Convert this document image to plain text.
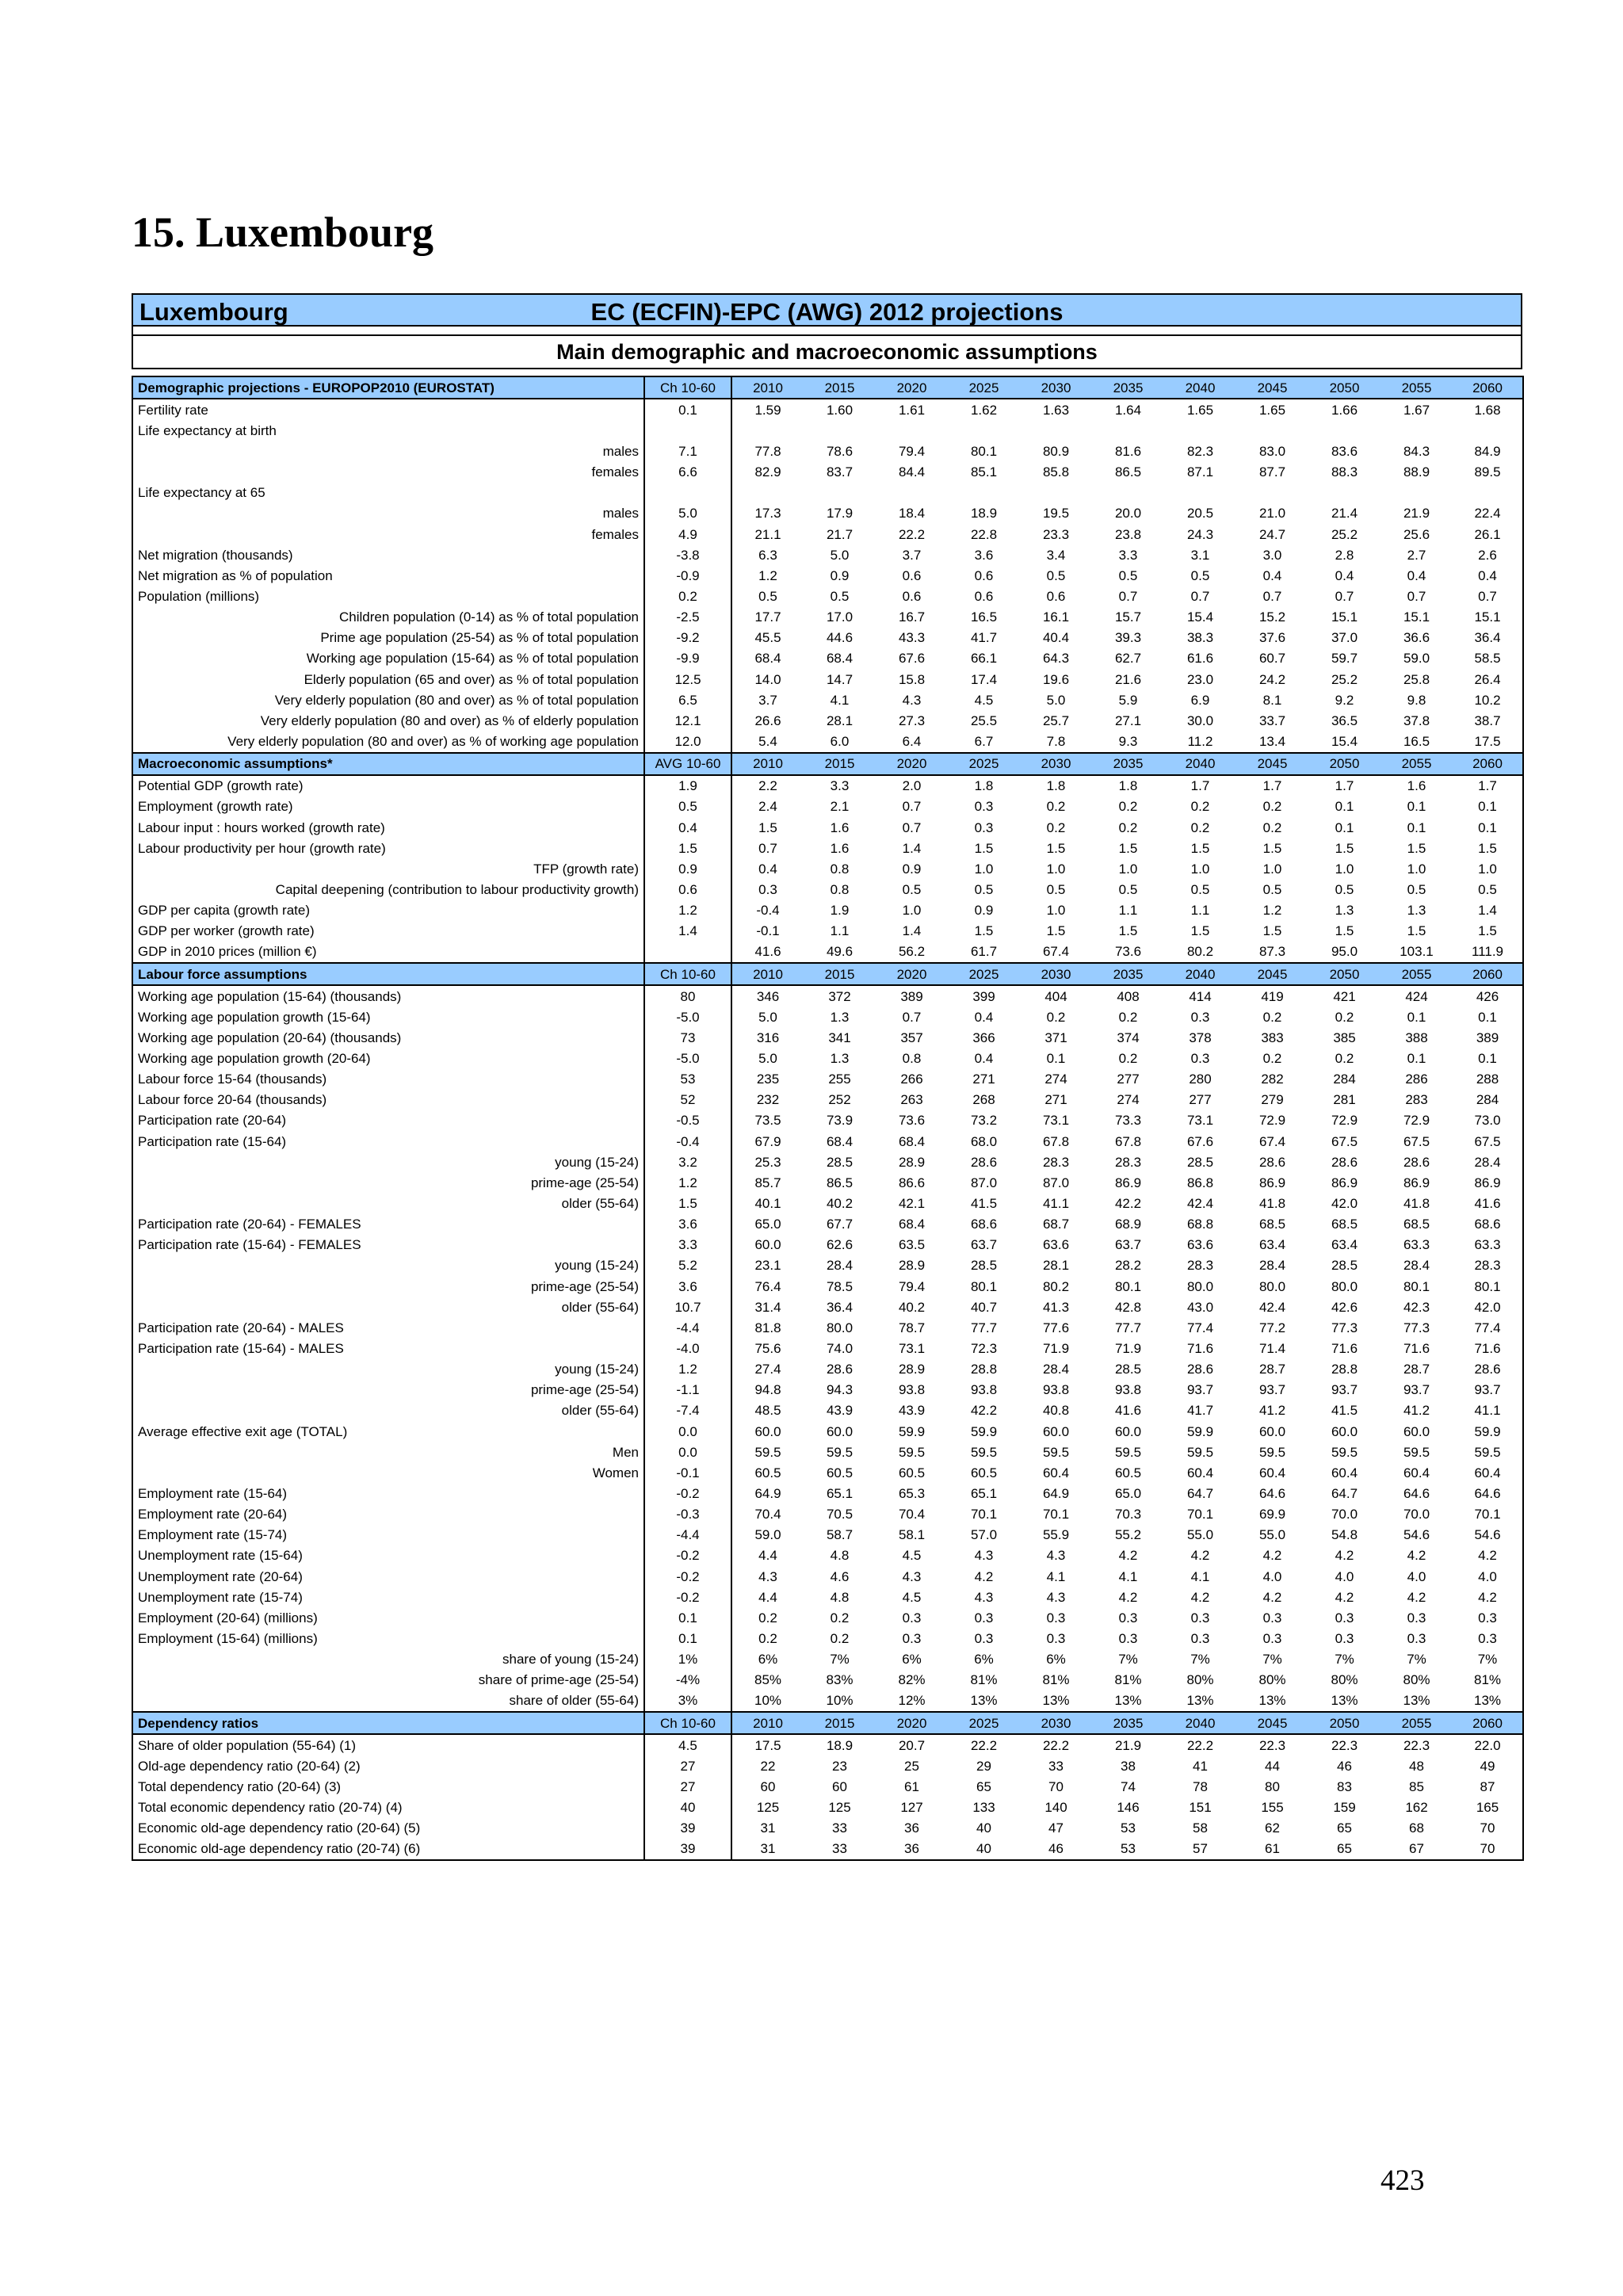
15. Luxembourg
EC (ECFIN)-EPC (AWG) 2012 projections
Luxembourg
Main demographic and macroeconomic assumptions
Demographic projections - EUROPOP2010 (EUROSTAT)	Ch 10-60	2010	2015	2020	2025	2030	2035	2040	2045	2050	2055	2060
Fertility rate	0.1	1.59	1.60	1.61	1.62	1.63	1.64	1.65	1.65	1.66	1.67	1.68
Life expectancy at birth												
males	7.1	77.8	78.6	79.4	80.1	80.9	81.6	82.3	83.0	83.6	84.3	84.9
females	6.6	82.9	83.7	84.4	85.1	85.8	86.5	87.1	87.7	88.3	88.9	89.5
Life expectancy at 65												
males	5.0	17.3	17.9	18.4	18.9	19.5	20.0	20.5	21.0	21.4	21.9	22.4
females	4.9	21.1	21.7	22.2	22.8	23.3	23.8	24.3	24.7	25.2	25.6	26.1
Net migration (thousands)	-3.8	6.3	5.0	3.7	3.6	3.4	3.3	3.1	3.0	2.8	2.7	2.6
Net migration as % of population	-0.9	1.2	0.9	0.6	0.6	0.5	0.5	0.5	0.4	0.4	0.4	0.4
Population (millions)	0.2	0.5	0.5	0.6	0.6	0.6	0.7	0.7	0.7	0.7	0.7	0.7
Children population (0-14) as % of total population	-2.5	17.7	17.0	16.7	16.5	16.1	15.7	15.4	15.2	15.1	15.1	15.1
Prime age population (25-54) as % of total population	-9.2	45.5	44.6	43.3	41.7	40.4	39.3	38.3	37.6	37.0	36.6	36.4
Working age population (15-64) as % of total population	-9.9	68.4	68.4	67.6	66.1	64.3	62.7	61.6	60.7	59.7	59.0	58.5
Elderly population (65 and over) as % of total population	12.5	14.0	14.7	15.8	17.4	19.6	21.6	23.0	24.2	25.2	25.8	26.4
Very elderly population (80 and over) as % of total population	6.5	3.7	4.1	4.3	4.5	5.0	5.9	6.9	8.1	9.2	9.8	10.2
Very elderly population (80 and over) as % of elderly population	12.1	26.6	28.1	27.3	25.5	25.7	27.1	30.0	33.7	36.5	37.8	38.7
Very elderly population (80 and over) as % of working age population	12.0	5.4	6.0	6.4	6.7	7.8	9.3	11.2	13.4	15.4	16.5	17.5
Macroeconomic assumptions*	AVG 10-60	2010	2015	2020	2025	2030	2035	2040	2045	2050	2055	2060
Potential GDP (growth rate)	1.9	2.2	3.3	2.0	1.8	1.8	1.8	1.7	1.7	1.7	1.6	1.7
Employment (growth rate)	0.5	2.4	2.1	0.7	0.3	0.2	0.2	0.2	0.2	0.1	0.1	0.1
Labour input : hours worked (growth rate)	0.4	1.5	1.6	0.7	0.3	0.2	0.2	0.2	0.2	0.1	0.1	0.1
Labour productivity per hour (growth rate)	1.5	0.7	1.6	1.4	1.5	1.5	1.5	1.5	1.5	1.5	1.5	1.5
TFP (growth rate)	0.9	0.4	0.8	0.9	1.0	1.0	1.0	1.0	1.0	1.0	1.0	1.0
Capital deepening (contribution to labour productivity growth)	0.6	0.3	0.8	0.5	0.5	0.5	0.5	0.5	0.5	0.5	0.5	0.5
GDP per capita (growth rate)	1.2	-0.4	1.9	1.0	0.9	1.0	1.1	1.1	1.2	1.3	1.3	1.4
GDP per worker (growth rate)	1.4	-0.1	1.1	1.4	1.5	1.5	1.5	1.5	1.5	1.5	1.5	1.5
GDP in 2010 prices (million €)		41.6	49.6	56.2	61.7	67.4	73.6	80.2	87.3	95.0	103.1	111.9
Labour force assumptions	Ch 10-60	2010	2015	2020	2025	2030	2035	2040	2045	2050	2055	2060
Working age population (15-64) (thousands)	80	346	372	389	399	404	408	414	419	421	424	426
Working age population growth (15-64)	-5.0	5.0	1.3	0.7	0.4	0.2	0.2	0.3	0.2	0.2	0.1	0.1
Working age population (20-64) (thousands)	73	316	341	357	366	371	374	378	383	385	388	389
Working age population growth (20-64)	-5.0	5.0	1.3	0.8	0.4	0.1	0.2	0.3	0.2	0.2	0.1	0.1
Labour force 15-64 (thousands)	53	235	255	266	271	274	277	280	282	284	286	288
Labour force 20-64 (thousands)	52	232	252	263	268	271	274	277	279	281	283	284
Participation rate (20-64)	-0.5	73.5	73.9	73.6	73.2	73.1	73.3	73.1	72.9	72.9	72.9	73.0
Participation rate (15-64)	-0.4	67.9	68.4	68.4	68.0	67.8	67.8	67.6	67.4	67.5	67.5	67.5
young (15-24)	3.2	25.3	28.5	28.9	28.6	28.3	28.3	28.5	28.6	28.6	28.6	28.4
prime-age (25-54)	1.2	85.7	86.5	86.6	87.0	87.0	86.9	86.8	86.9	86.9	86.9	86.9
older (55-64)	1.5	40.1	40.2	42.1	41.5	41.1	42.2	42.4	41.8	42.0	41.8	41.6
Participation rate (20-64) - FEMALES	3.6	65.0	67.7	68.4	68.6	68.7	68.9	68.8	68.5	68.5	68.5	68.6
Participation rate (15-64) - FEMALES	3.3	60.0	62.6	63.5	63.7	63.6	63.7	63.6	63.4	63.4	63.3	63.3
young (15-24)	5.2	23.1	28.4	28.9	28.5	28.1	28.2	28.3	28.4	28.5	28.4	28.3
prime-age (25-54)	3.6	76.4	78.5	79.4	80.1	80.2	80.1	80.0	80.0	80.0	80.1	80.1
older (55-64)	10.7	31.4	36.4	40.2	40.7	41.3	42.8	43.0	42.4	42.6	42.3	42.0
Participation rate (20-64) - MALES	-4.4	81.8	80.0	78.7	77.7	77.6	77.7	77.4	77.2	77.3	77.3	77.4
Participation rate (15-64) - MALES	-4.0	75.6	74.0	73.1	72.3	71.9	71.9	71.6	71.4	71.6	71.6	71.6
young (15-24)	1.2	27.4	28.6	28.9	28.8	28.4	28.5	28.6	28.7	28.8	28.7	28.6
prime-age (25-54)	-1.1	94.8	94.3	93.8	93.8	93.8	93.8	93.7	93.7	93.7	93.7	93.7
older (55-64)	-7.4	48.5	43.9	43.9	42.2	40.8	41.6	41.7	41.2	41.5	41.2	41.1
Average effective exit age (TOTAL)	0.0	60.0	60.0	59.9	59.9	60.0	60.0	59.9	60.0	60.0	60.0	59.9
Men	0.0	59.5	59.5	59.5	59.5	59.5	59.5	59.5	59.5	59.5	59.5	59.5
Women	-0.1	60.5	60.5	60.5	60.5	60.4	60.5	60.4	60.4	60.4	60.4	60.4
Employment rate (15-64)	-0.2	64.9	65.1	65.3	65.1	64.9	65.0	64.7	64.6	64.7	64.6	64.6
Employment rate (20-64)	-0.3	70.4	70.5	70.4	70.1	70.1	70.3	70.1	69.9	70.0	70.0	70.1
Employment rate (15-74)	-4.4	59.0	58.7	58.1	57.0	55.9	55.2	55.0	55.0	54.8	54.6	54.6
Unemployment rate (15-64)	-0.2	4.4	4.8	4.5	4.3	4.3	4.2	4.2	4.2	4.2	4.2	4.2
Unemployment rate (20-64)	-0.2	4.3	4.6	4.3	4.2	4.1	4.1	4.1	4.0	4.0	4.0	4.0
Unemployment rate (15-74)	-0.2	4.4	4.8	4.5	4.3	4.3	4.2	4.2	4.2	4.2	4.2	4.2
Employment (20-64) (millions)	0.1	0.2	0.2	0.3	0.3	0.3	0.3	0.3	0.3	0.3	0.3	0.3
Employment (15-64) (millions)	0.1	0.2	0.2	0.3	0.3	0.3	0.3	0.3	0.3	0.3	0.3	0.3
share of young (15-24)	1%	6%	7%	6%	6%	6%	7%	7%	7%	7%	7%	7%
share of prime-age (25-54)	-4%	85%	83%	82%	81%	81%	81%	80%	80%	80%	80%	81%
share of older (55-64)	3%	10%	10%	12%	13%	13%	13%	13%	13%	13%	13%	13%
Dependency ratios	Ch 10-60	2010	2015	2020	2025	2030	2035	2040	2045	2050	2055	2060
Share of older population (55-64) (1)	4.5	17.5	18.9	20.7	22.2	22.2	21.9	22.2	22.3	22.3	22.3	22.0
Old-age dependency ratio (20-64) (2)	27	22	23	25	29	33	38	41	44	46	48	49
Total dependency ratio (20-64) (3)	27	60	60	61	65	70	74	78	80	83	85	87
Total economic dependency ratio (20-74) (4)	40	125	125	127	133	140	146	151	155	159	162	165
Economic old-age dependency ratio (20-64) (5)	39	31	33	36	40	47	53	58	62	65	68	70
Economic old-age dependency ratio (20-74) (6)	39	31	33	36	40	46	53	57	61	65	67	70
423
